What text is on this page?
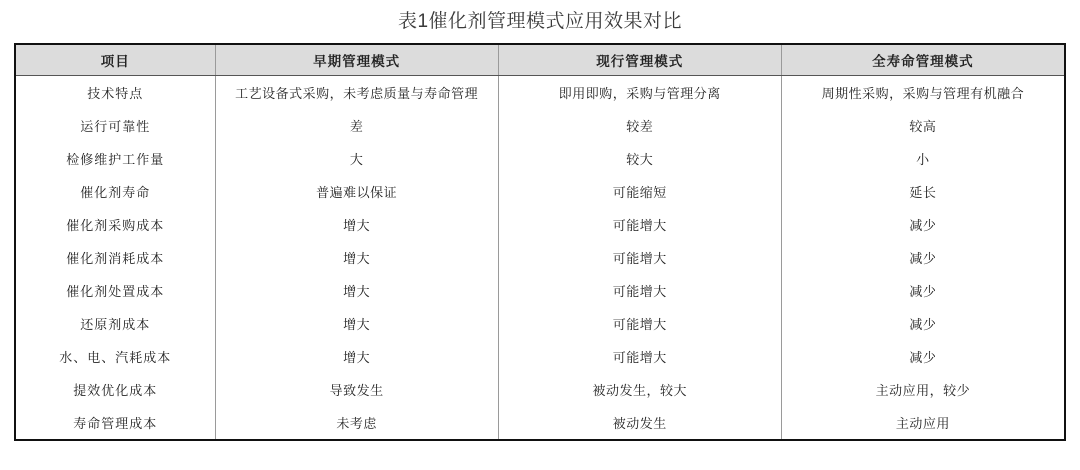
表1催化剂管理模式应用效果对比
项目	早期管理模式	现行管理模式	全寿命管理模式
技术特点	工艺设备式采购，未考虑质量与寿命管理	即用即购，采购与管理分离	周期性采购，采购与管理有机融合
运行可靠性	差	较差	较高
检修维护工作量	大	较大	小
催化剂寿命	普遍难以保证	可能缩短	延长
催化剂采购成本	增大	可能增大	减少
催化剂消耗成本	增大	可能增大	减少
催化剂处置成本	增大	可能增大	减少
还原剂成本	增大	可能增大	减少
水、电、汽耗成本	增大	可能增大	减少
提效优化成本	导致发生	被动发生，较大	主动应用，较少
寿命管理成本	未考虑	被动发生	主动应用
